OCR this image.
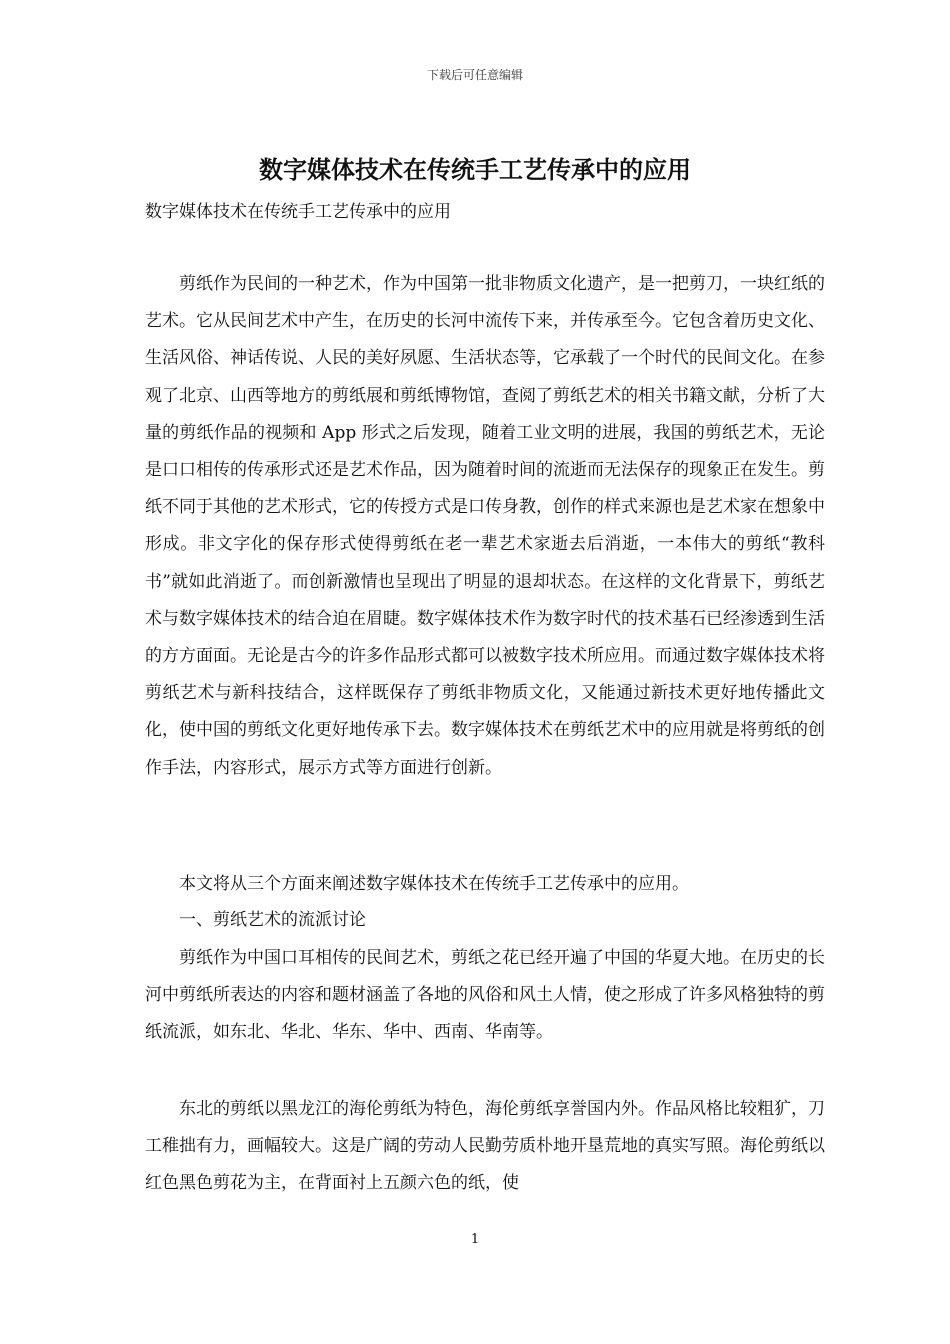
下载后可任意编辑
数字媒体技术在传统手工艺传承中的应用

数字媒体技术在传统手工艺传承中的应用

剪纸作为民间的一种艺术，作为中国第一批非物质文化遗产，是一把剪刀，一块红纸的艺术。它从民间艺术中产生，在历史的长河中流传下来，并传承至今。它包含着历史文化、生活风俗、神话传说、人民的美好夙愿、生活状态等，它承载了一个时代的民间文化。在参观了北京、山西等地方的剪纸展和剪纸博物馆，查阅了剪纸艺术的相关书籍文献，分析了大量的剪纸作品的视频和 App 形式之后发现，随着工业文明的进展，我国的剪纸艺术，无论是口口相传的传承形式还是艺术作品，因为随着时间的流逝而无法保存的现象正在发生。剪纸不同于其他的艺术形式，它的传授方式是口传身教，创作的样式来源也是艺术家在想象中形成。非文字化的保存形式使得剪纸在老一辈艺术家逝去后消逝，一本伟大的剪纸“教科书”就如此消逝了。而创新激情也呈现出了明显的退却状态。在这样的文化背景下，剪纸艺术与数字媒体技术的结合迫在眉睫。数字媒体技术作为数字时代的技术基石已经渗透到生活的方方面面。无论是古今的许多作品形式都可以被数字技术所应用。而通过数字媒体技术将剪纸艺术与新科技结合，这样既保存了剪纸非物质文化，又能通过新技术更好地传播此文化，使中国的剪纸文化更好地传承下去。数字媒体技术在剪纸艺术中的应用就是将剪纸的创作手法，内容形式，展示方式等方面进行创新。

本文将从三个方面来阐述数字媒体技术在传统手工艺传承中的应用。

一、剪纸艺术的流派讨论

剪纸作为中国口耳相传的民间艺术，剪纸之花已经开遍了中国的华夏大地。在历史的长河中剪纸所表达的内容和题材涵盖了各地的风俗和风土人情，使之形成了许多风格独特的剪纸流派，如东北、华北、华东、华中、西南、华南等。

东北的剪纸以黑龙江的海伦剪纸为特色，海伦剪纸享誉国内外。作品风格比较粗犷，刀工稚拙有力，画幅较大。这是广阔的劳动人民勤劳质朴地开垦荒地的真实写照。海伦剪纸以红色黑色剪花为主，在背面衬上五颜六色的纸，使

1
